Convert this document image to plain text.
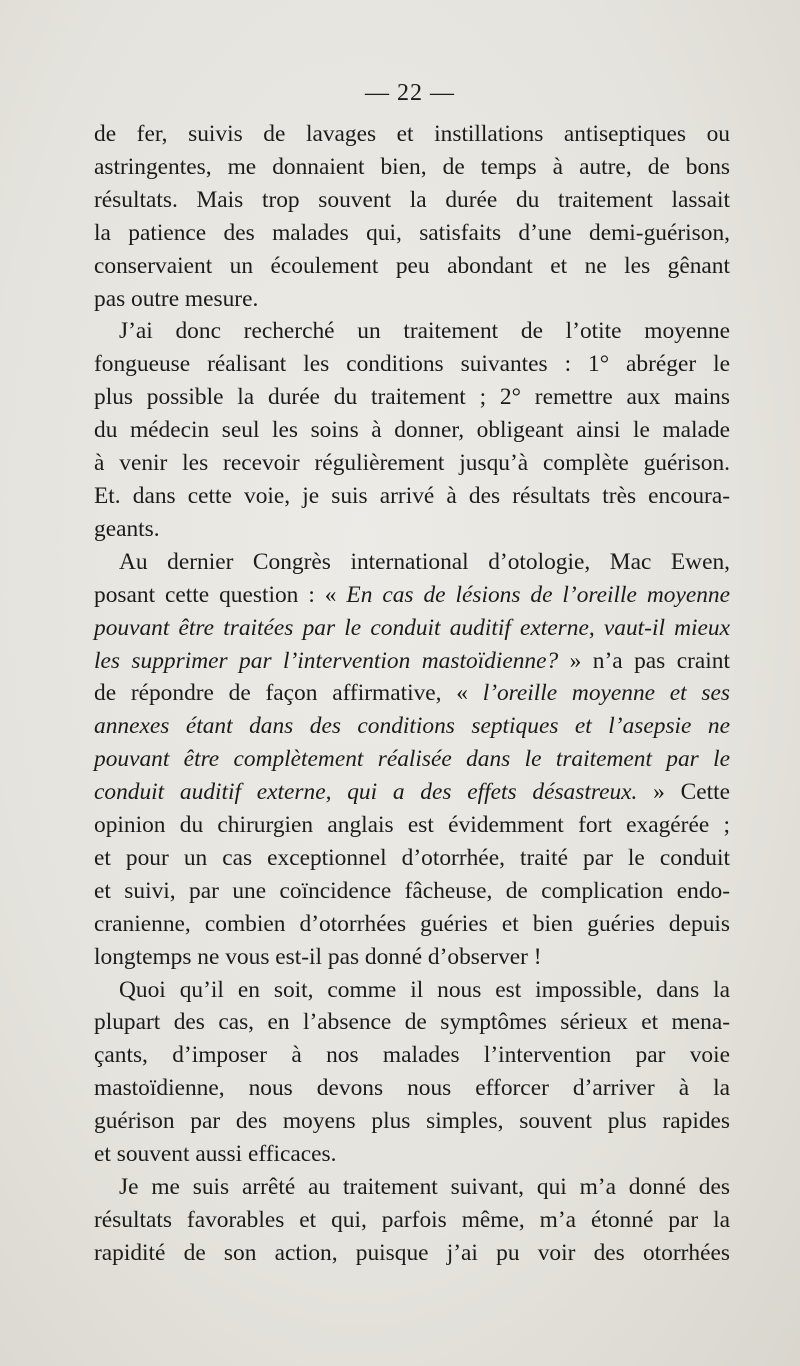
— 22 —

de fer, suivis de lavages et instillations antiseptiques ou
astringentes, me donnaient bien, de temps à autre, de bons
résultats. Mais trop souvent la durée du traitement lassait
la patience des malades qui, satisfaits d’une demi-guérison,
conservaient un écoulement peu abondant et ne les gênant
pas outre mesure.

J’ai donc recherché un traitement de l’otite moyenne
fongueuse réalisant les conditions suivantes : 1° abréger le
plus possible la durée du traitement ; 2° remettre aux mains
du médecin seul les soins à donner, obligeant ainsi le malade
à venir les recevoir régulièrement jusqu’à complète guérison.
Et. dans cette voie, je suis arrivé à des résultats très encoura-
geants.

Au dernier Congrès international d’otologie, Mac Ewen,
posant cette question : « En cas de lésions de l’oreille moyenne
pouvant être traitées par le conduit auditif externe, vaut-il mieux
les supprimer par l’intervention mastoïdienne? » n’a pas craint
de répondre de façon affirmative, « l’oreille moyenne et ses
annexes étant dans des conditions septiques et l’asepsie ne
pouvant être complètement réalisée dans le traitement par le
conduit auditif externe, qui a des effets désastreux. » Cette
opinion du chirurgien anglais est évidemment fort exagérée ;
et pour un cas exceptionnel d’otorrhée, traité par le conduit
et suivi, par une coïncidence fâcheuse, de complication endo-
cranienne, combien d’otorrhées guéries et bien guéries depuis
longtemps ne vous est-il pas donné d’observer !

Quoi qu’il en soit, comme il nous est impossible, dans la
plupart des cas, en l’absence de symptômes sérieux et mena-
çants, d’imposer à nos malades l’intervention par voie
mastoïdienne, nous devons nous efforcer d’arriver à la
guérison par des moyens plus simples, souvent plus rapides
et souvent aussi efficaces.

Je me suis arrêté au traitement suivant, qui m’a donné des
résultats favorables et qui, parfois même, m’a étonné par la
rapidité de son action, puisque j’ai pu voir des otorrhées
